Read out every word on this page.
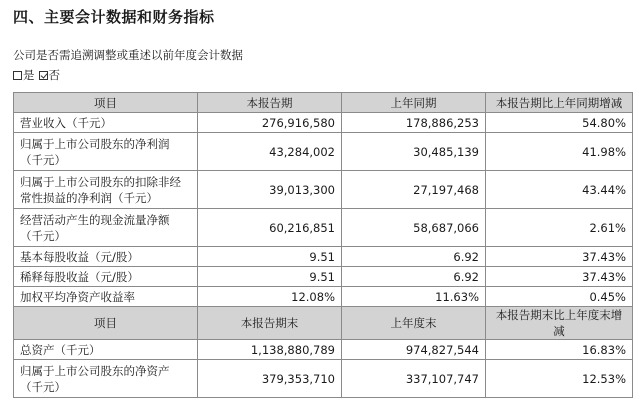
四、主要会计数据和财务指标
公司是否需追溯调整或重述以前年度会计数据
是 否
项目	本报告期	上年同期	本报告期比上年同期增减
营业收入（千元）	276,916,580	178,886,253	54.80%
归属于上市公司股东的净利润（千元）	43,284,002	30,485,139	41.98%
归属于上市公司股东的扣除非经常性损益的净利润（千元）	39,013,300	27,197,468	43.44%
经营活动产生的现金流量净额（千元）	60,216,851	58,687,066	2.61%
基本每股收益（元/股）	9.51	6.92	37.43%
稀释每股收益（元/股）	9.51	6.92	37.43%
加权平均净资产收益率	12.08%	11.63%	0.45%
项目	本报告期末	上年度末	本报告期末比上年度末增减
总资产（千元）	1,138,880,789	974,827,544	16.83%
归属于上市公司股东的净资产（千元）	379,353,710	337,107,747	12.53%
